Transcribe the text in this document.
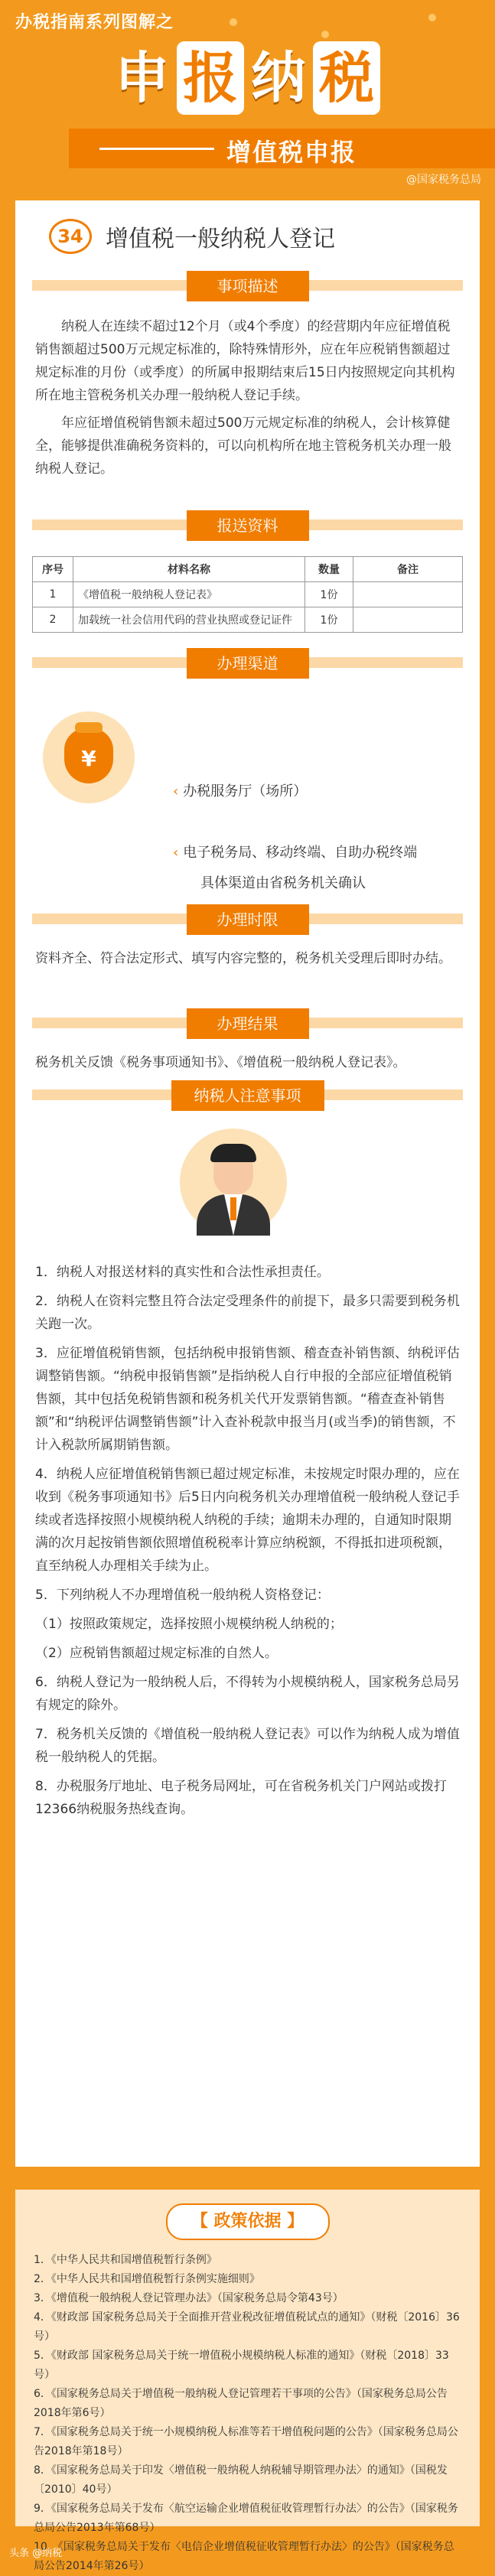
办税指南系列图解之
申 报 纳 税
增值税申报
@国家税务总局
34 增值税一般纳税人登记
事项描述
纳税人在连续不超过12个月（或4个季度）的经营期内年应征增值税销售额超过500万元规定标准的，除特殊情形外，应在年应税销售额超过规定标准的月份（或季度）的所属申报期结束后15日内按照规定向其机构所在地主管税务机关办理一般纳税人登记手续。
年应征增值税销售额未超过500万元规定标准的纳税人，会计核算健全，能够提供准确税务资料的，可以向机构所在地主管税务机关办理一般纳税人登记。
报送资料
序号	材料名称	数量	备注
1	《增值税一般纳税人登记表》	1份	
2	加载统一社会信用代码的营业执照或登记证件	1份	
办理渠道
¥
‹ 办税服务厅（场所）
‹ 电子税务局、移动终端、自助办税终端
具体渠道由省税务机关确认
办理时限
资料齐全、符合法定形式、填写内容完整的，税务机关受理后即时办结。
办理结果
税务机关反馈《税务事项通知书》、《增值税一般纳税人登记表》。
纳税人注意事项

1．纳税人对报送材料的真实性和合法性承担责任。

2．纳税人在资料完整且符合法定受理条件的前提下，最多只需要到税务机关跑一次。

3．应征增值税销售额，包括纳税申报销售额、稽查查补销售额、纳税评估调整销售额。“纳税申报销售额”是指纳税人自行申报的全部应征增值税销售额，其中包括免税销售额和税务机关代开发票销售额。“稽查查补销售额”和“纳税评估调整销售额”计入查补税款申报当月(或当季)的销售额，不计入税款所属期销售额。

4．纳税人应征增值税销售额已超过规定标准，未按规定时限办理的，应在收到《税务事项通知书》后5日内向税务机关办理增值税一般纳税人登记手续或者选择按照小规模纳税人纳税的手续；逾期未办理的，自通知时限期满的次月起按销售额依照增值税税率计算应纳税额，不得抵扣进项税额，直至纳税人办理相关手续为止。

5．下列纳税人不办理增值税一般纳税人资格登记：

（1）按照政策规定，选择按照小规模纳税人纳税的；

（2）应税销售额超过规定标准的自然人。

6．纳税人登记为一般纳税人后，不得转为小规模纳税人，国家税务总局另有规定的除外。

7．税务机关反馈的《增值税一般纳税人登记表》可以作为纳税人成为增值税一般纳税人的凭据。

8．办税服务厅地址、电子税务局网址，可在省税务机关门户网站或拨打12366纳税服务热线查询。

【 政策依据 】
1．《中华人民共和国增值税暂行条例》
2．《中华人民共和国增值税暂行条例实施细则》
3．《增值税一般纳税人登记管理办法》（国家税务总局令第43号）
4．《财政部 国家税务总局关于全面推开营业税改征增值税试点的通知》（财税〔2016〕36号）
5．《财政部 国家税务总局关于统一增值税小规模纳税人标准的通知》（财税〔2018〕33号）
6．《国家税务总局关于增值税一般纳税人登记管理若干事项的公告》（国家税务总局公告2018年第6号）
7．《国家税务总局关于统一小规模纳税人标准等若干增值税问题的公告》（国家税务总局公告2018年第18号）
8．《国家税务总局关于印发〈增值税一般纳税人纳税辅导期管理办法〉的通知》（国税发〔2010〕40号）
9．《国家税务总局关于发布〈航空运输企业增值税征收管理暂行办法〉的公告》（国家税务总局公告2013年第68号）
10．《国家税务总局关于发布〈电信企业增值税征收管理暂行办法〉的公告》（国家税务总局公告2014年第26号）
头条 @纳税
